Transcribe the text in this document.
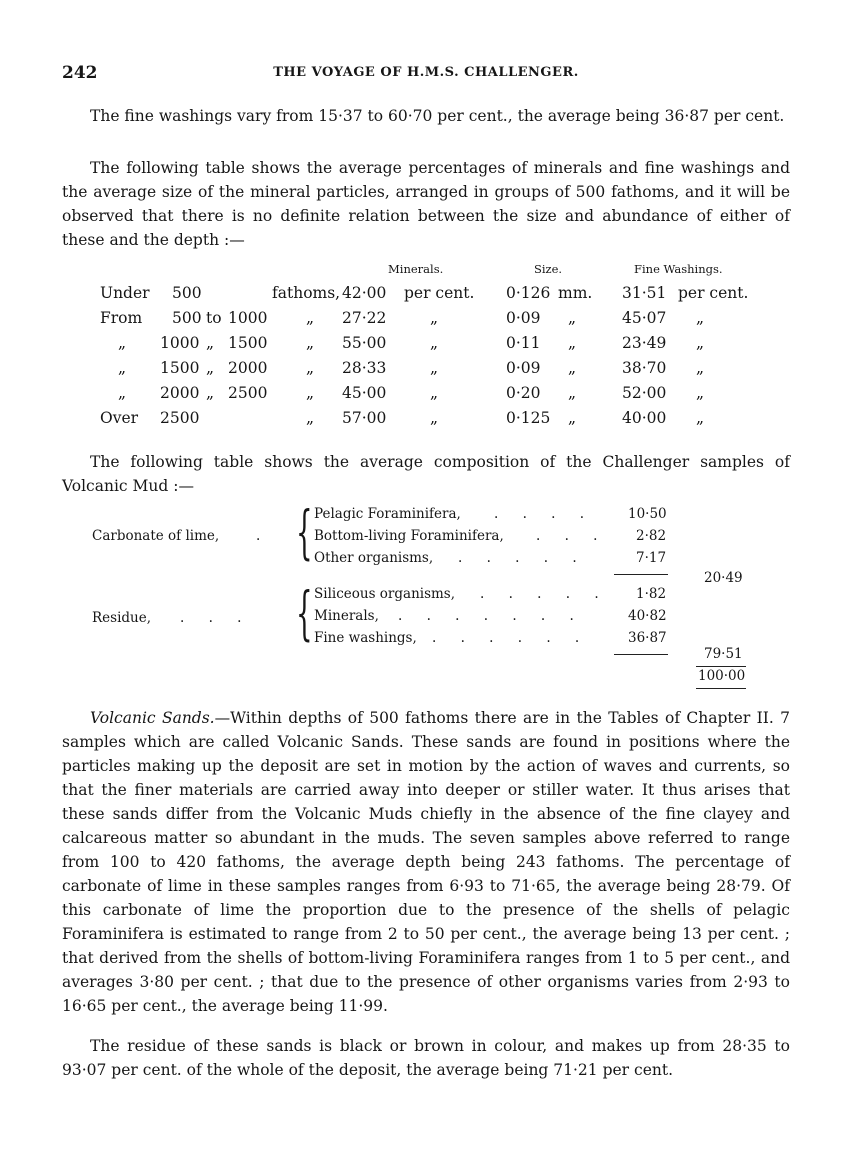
242	THE VOYAGE OF H.M.S. CHALLENGER.

The fine washings vary from 15·37 to 60·70 per cent., the average being 36·87 per cent.

The following table shows the average percentages of minerals and fine washings and the average size of the mineral particles, arranged in groups of 500 fathoms, and it will be observed that there is no definite relation between the size and abundance of either of these and the depth :—

Minerals.	Size.	Fine Washings.
Under 500	fathoms, 42·00 per cent. 0·126 mm. 31·51 per cent.
From 500 to 1000 „ 27·22	„	0·09 „	45·07 „
„ 1000 „ 1500 „ 55·00	„	0·11 „	23·49 „
„ 1500 „ 2000 „ 28·33	„	0·09 „	38·70 „
„ 2000 „ 2500 „ 45·00	„	0·20 „	52·00 „
Over 2500	„ 57·00	„	0·125 „	40·00 „

The following table shows the average composition of the Challenger samples of Volcanic Mud :—

Carbonate of lime,	. { Pelagic Foraminifera, . . . .	10·50
Bottom-living Foraminifera, . . . 2·82
Other organisms, . . . . .	7·17
20·49
Residue, . . . { Siliceous organisms, . . . . . 1·82
Minerals, . . . . . . .	40·82
Fine washings, . . . . . .	36·87
79·51
100·00

Volcanic Sands.—Within depths of 500 fathoms there are in the Tables of Chapter II. 7 samples which are called Volcanic Sands. These sands are found in positions where the particles making up the deposit are set in motion by the action of waves and currents, so that the finer materials are carried away into deeper or stiller water. It thus arises that these sands differ from the Volcanic Muds chiefly in the absence of the fine clayey and calcareous matter so abundant in the muds. The seven samples above referred to range from 100 to 420 fathoms, the average depth being 243 fathoms. The percentage of carbonate of lime in these samples ranges from 6·93 to 71·65, the average being 28·79. Of this carbonate of lime the proportion due to the presence of the shells of pelagic Foraminifera is estimated to range from 2 to 50 per cent., the average being 13 per cent. ; that derived from the shells of bottom-living Foraminifera ranges from 1 to 5 per cent., and averages 3·80 per cent. ; that due to the presence of other organisms varies from 2·93 to 16·65 per cent., the average being 11·99.

The residue of these sands is black or brown in colour, and makes up from 28·35 to 93·07 per cent. of the whole of the deposit, the average being 71·21 per cent.
